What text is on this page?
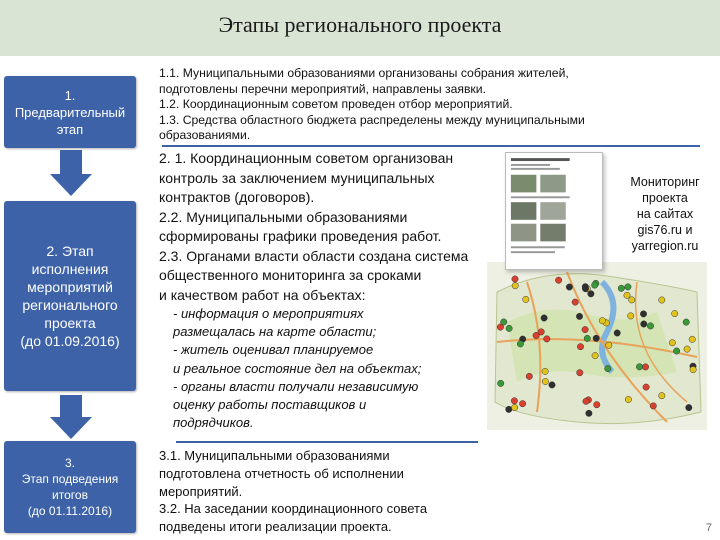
Этапы регионального проекта
1.
Предварительный
этап
2. Этап
исполнения
мероприятий
регионального
проекта
(до 01.09.2016)
3.
Этап подведения
итогов
(до 01.11.2016)
1.1. Муниципальными образованиями организованы собрания жителей,
подготовлены перечни мероприятий, направлены заявки.
1.2. Координационным советом проведен отбор мероприятий.
1.3. Средства областного бюджета распределены между муниципальными
образованиями.
2. 1. Координационным советом организован
контроль за заключением муниципальных
контрактов (договоров).
2.2. Муниципальными образованиями
сформированы графики проведения работ.
2.3. Органами власти области создана система
общественного мониторинга за сроками
и качеством работ на объектах:
- информация о мероприятиях
размещалась на карте области;
- житель оценивал планируемое
и реальное состояние дел на объектах;
- органы власти получали независимую
оценку работы поставщиков и
подрядчиков.
3.1. Муниципальными образованиями
подготовлена отчетность об исполнении
мероприятий.
3.2. На заседании координационного совета
подведены итоги реализации проекта.
Мониторинг
проекта
на сайтах
gis76.ru и
yarregion.ru
7
